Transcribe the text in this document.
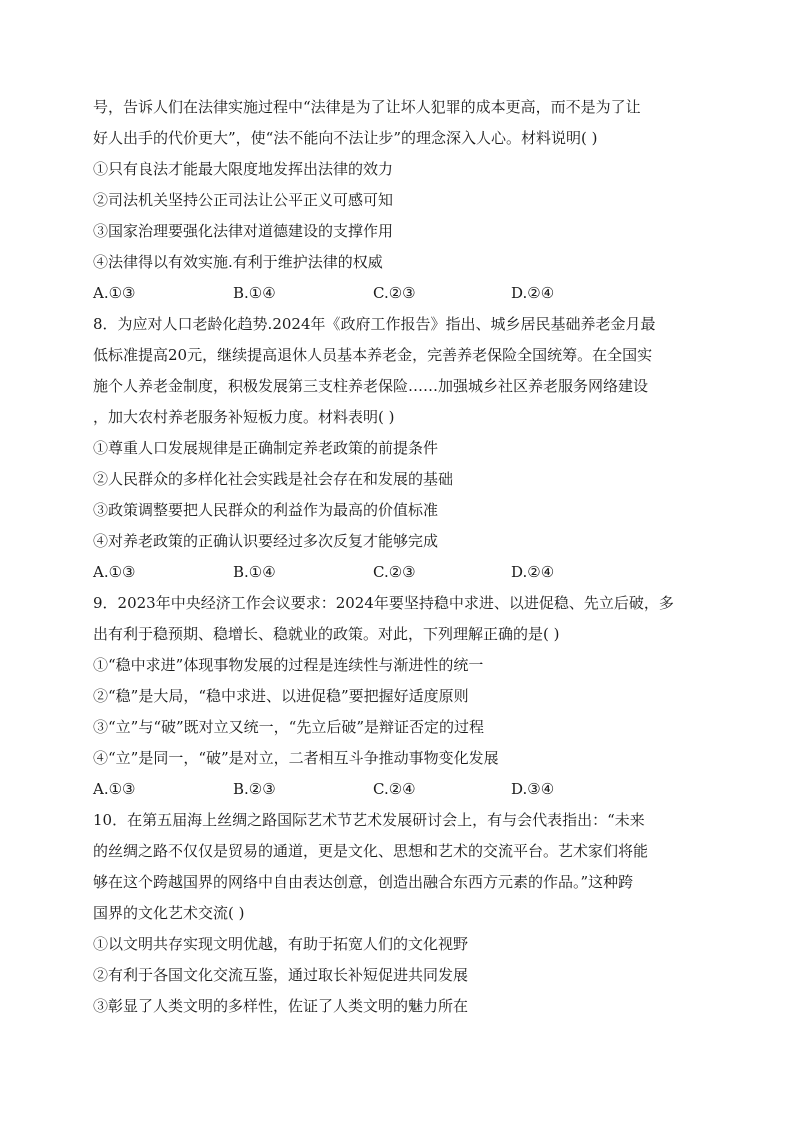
号，告诉人们在法律实施过程中“法律是为了让坏人犯罪的成本更高，而不是为了让
好人出手的代价更大”，使“法不能向不法让步”的理念深入人心。材料说明( )
①只有良法才能最大限度地发挥出法律的效力
②司法机关坚持公正司法让公平正义可感可知
③国家治理要强化法律对道德建设的支撑作用
④法律得以有效实施.有利于维护法律的权威
A.①③	B.①④	C.②③	D.②④
8．为应对人口老龄化趋势.2024年《政府工作报告》指出、城乡居民基础养老金月最
低标准提高20元，继续提高退休人员基本养老金，完善养老保险全国统筹。在全国实
施个人养老金制度，积极发展第三支柱养老保险……加强城乡社区养老服务网络建设
，加大农村养老服务补短板力度。材料表明( )
①尊重人口发展规律是正确制定养老政策的前提条件
②人民群众的多样化社会实践是社会存在和发展的基础
③政策调整要把人民群众的利益作为最高的价值标准
④对养老政策的正确认识要经过多次反复才能够完成
A.①③	B.①④	C.②③	D.②④
9．2023年中央经济工作会议要求：2024年要坚持稳中求进、以进促稳、先立后破，多
出有利于稳预期、稳增长、稳就业的政策。对此，下列理解正确的是( )
①“稳中求进”体现事物发展的过程是连续性与渐进性的统一
②“稳”是大局，“稳中求进、以进促稳”要把握好适度原则
③“立”与“破”既对立又统一，“先立后破”是辩证否定的过程
④“立”是同一，“破”是对立，二者相互斗争推动事物变化发展
A.①③	B.②③	C.②④	D.③④
10．在第五届海上丝绸之路国际艺术节艺术发展研讨会上，有与会代表指出：“未来
的丝绸之路不仅仅是贸易的通道，更是文化、思想和艺术的交流平台。艺术家们将能
够在这个跨越国界的网络中自由表达创意，创造出融合东西方元素的作品。”这种跨
国界的文化艺术交流( )
①以文明共存实现文明优越，有助于拓宽人们的文化视野
②有利于各国文化交流互鉴，通过取长补短促进共同发展
③彰显了人类文明的多样性，佐证了人类文明的魅力所在
